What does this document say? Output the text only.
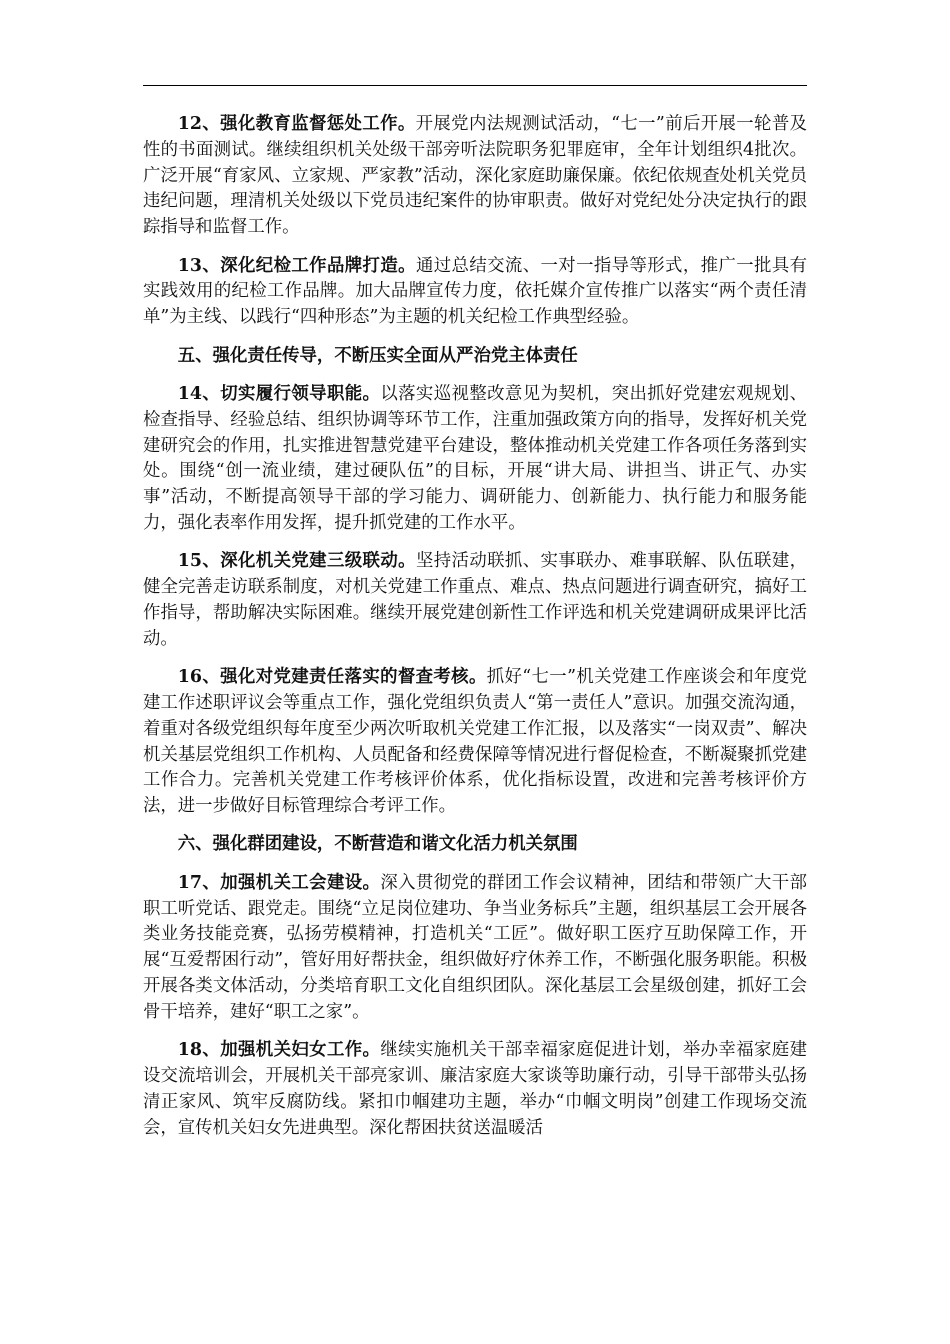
12、强化教育监督惩处工作。开展党内法规测试活动，“七一”前后开展一轮普及性的书面测试。继续组织机关处级干部旁听法院职务犯罪庭审，全年计划组织4批次。广泛开展“育家风、立家规、严家教”活动，深化家庭助廉保廉。依纪依规查处机关党员违纪问题，理清机关处级以下党员违纪案件的协审职责。做好对党纪处分决定执行的跟踪指导和监督工作。

13、深化纪检工作品牌打造。通过总结交流、一对一指导等形式，推广一批具有实践效用的纪检工作品牌。加大品牌宣传力度，依托媒介宣传推广以落实“两个责任清单”为主线、以践行“四种形态”为主题的机关纪检工作典型经验。

五、强化责任传导，不断压实全面从严治党主体责任

14、切实履行领导职能。以落实巡视整改意见为契机，突出抓好党建宏观规划、检查指导、经验总结、组织协调等环节工作，注重加强政策方向的指导，发挥好机关党建研究会的作用，扎实推进智慧党建平台建设，整体推动机关党建工作各项任务落到实处。围绕“创一流业绩，建过硬队伍”的目标，开展“讲大局、讲担当、讲正气、办实事”活动，不断提高领导干部的学习能力、调研能力、创新能力、执行能力和服务能力，强化表率作用发挥，提升抓党建的工作水平。

15、深化机关党建三级联动。坚持活动联抓、实事联办、难事联解、队伍联建，健全完善走访联系制度，对机关党建工作重点、难点、热点问题进行调查研究，搞好工作指导，帮助解决实际困难。继续开展党建创新性工作评选和机关党建调研成果评比活动。

16、强化对党建责任落实的督查考核。抓好“七一”机关党建工作座谈会和年度党建工作述职评议会等重点工作，强化党组织负责人“第一责任人”意识。加强交流沟通，着重对各级党组织每年度至少两次听取机关党建工作汇报，以及落实“一岗双责”、解决机关基层党组织工作机构、人员配备和经费保障等情况进行督促检查，不断凝聚抓党建工作合力。完善机关党建工作考核评价体系，优化指标设置，改进和完善考核评价方法，进一步做好目标管理综合考评工作。

六、强化群团建设，不断营造和谐文化活力机关氛围

17、加强机关工会建设。深入贯彻党的群团工作会议精神，团结和带领广大干部职工听党话、跟党走。围绕“立足岗位建功、争当业务标兵”主题，组织基层工会开展各类业务技能竞赛，弘扬劳模精神，打造机关“工匠”。做好职工医疗互助保障工作，开展“互爱帮困行动”，管好用好帮扶金，组织做好疗休养工作，不断强化服务职能。积极开展各类文体活动，分类培育职工文化自组织团队。深化基层工会星级创建，抓好工会骨干培养，建好“职工之家”。

18、加强机关妇女工作。继续实施机关干部幸福家庭促进计划，举办幸福家庭建设交流培训会，开展机关干部亮家训、廉洁家庭大家谈等助廉行动，引导干部带头弘扬清正家风、筑牢反腐防线。紧扣巾帼建功主题，举办“巾帼文明岗”创建工作现场交流会，宣传机关妇女先进典型。深化帮困扶贫送温暖活
